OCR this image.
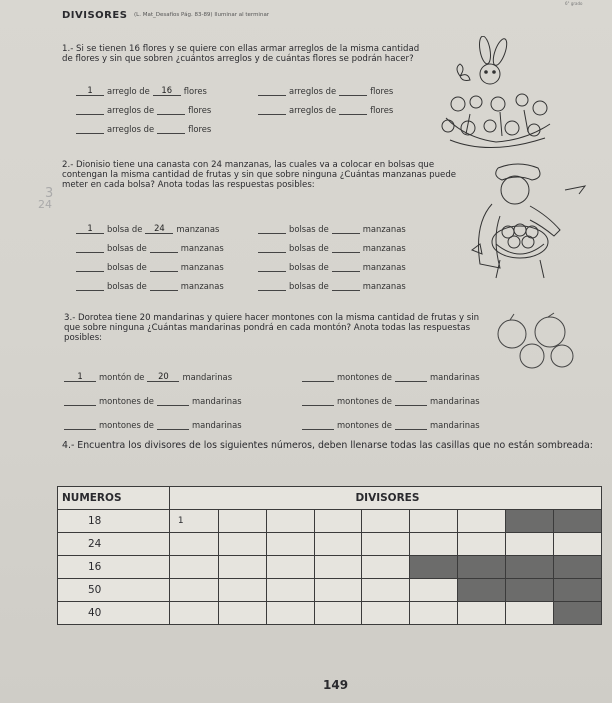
6° grado
DIVISORES (L. Mat_Desafíos Pág. 83-89) Iluminar al terminar
1.- Si se tienen 16 flores y se quiere con ellas armar arreglos de la misma cantidad de flores y sin que sobren ¿cuántos arreglos y de cuántas flores se podrán hacer?
1 arreglo de 16 flores	arreglos de	flores
arreglos de	flores	arreglos de	flores
arreglos de	flores
2.- Dionisio tiene una canasta con 24 manzanas, las cuales va a colocar en bolsas que contengan la misma cantidad de frutas y sin que sobre ninguna ¿Cuántas manzanas puede meter en cada bolsa? Anota todas las respuestas posibles:
3
24
1 bolsa de 24 manzanas	bolsas de	manzanas
bolsas de	manzanas	bolsas de	manzanas
bolsas de	manzanas	bolsas de	manzanas
bolsas de	manzanas	bolsas de	manzanas
3.- Dorotea tiene 20 mandarinas y quiere hacer montones con la misma cantidad de frutas y sin que sobre ninguna ¿Cuántas mandarinas pondrá en cada montón? Anota todas las respuestas posibles:
1 montón de 20 mandarinas	montones de	mandarinas
montones de	mandarinas	montones de	mandarinas
montones de	mandarinas	montones de	mandarinas
4.- Encuentra los divisores de los siguientes números, deben llenarse todas las casillas que no están sombreada:
NUMEROS	DIVISORES								
18	1								
24									
16									
50									
40									
149
